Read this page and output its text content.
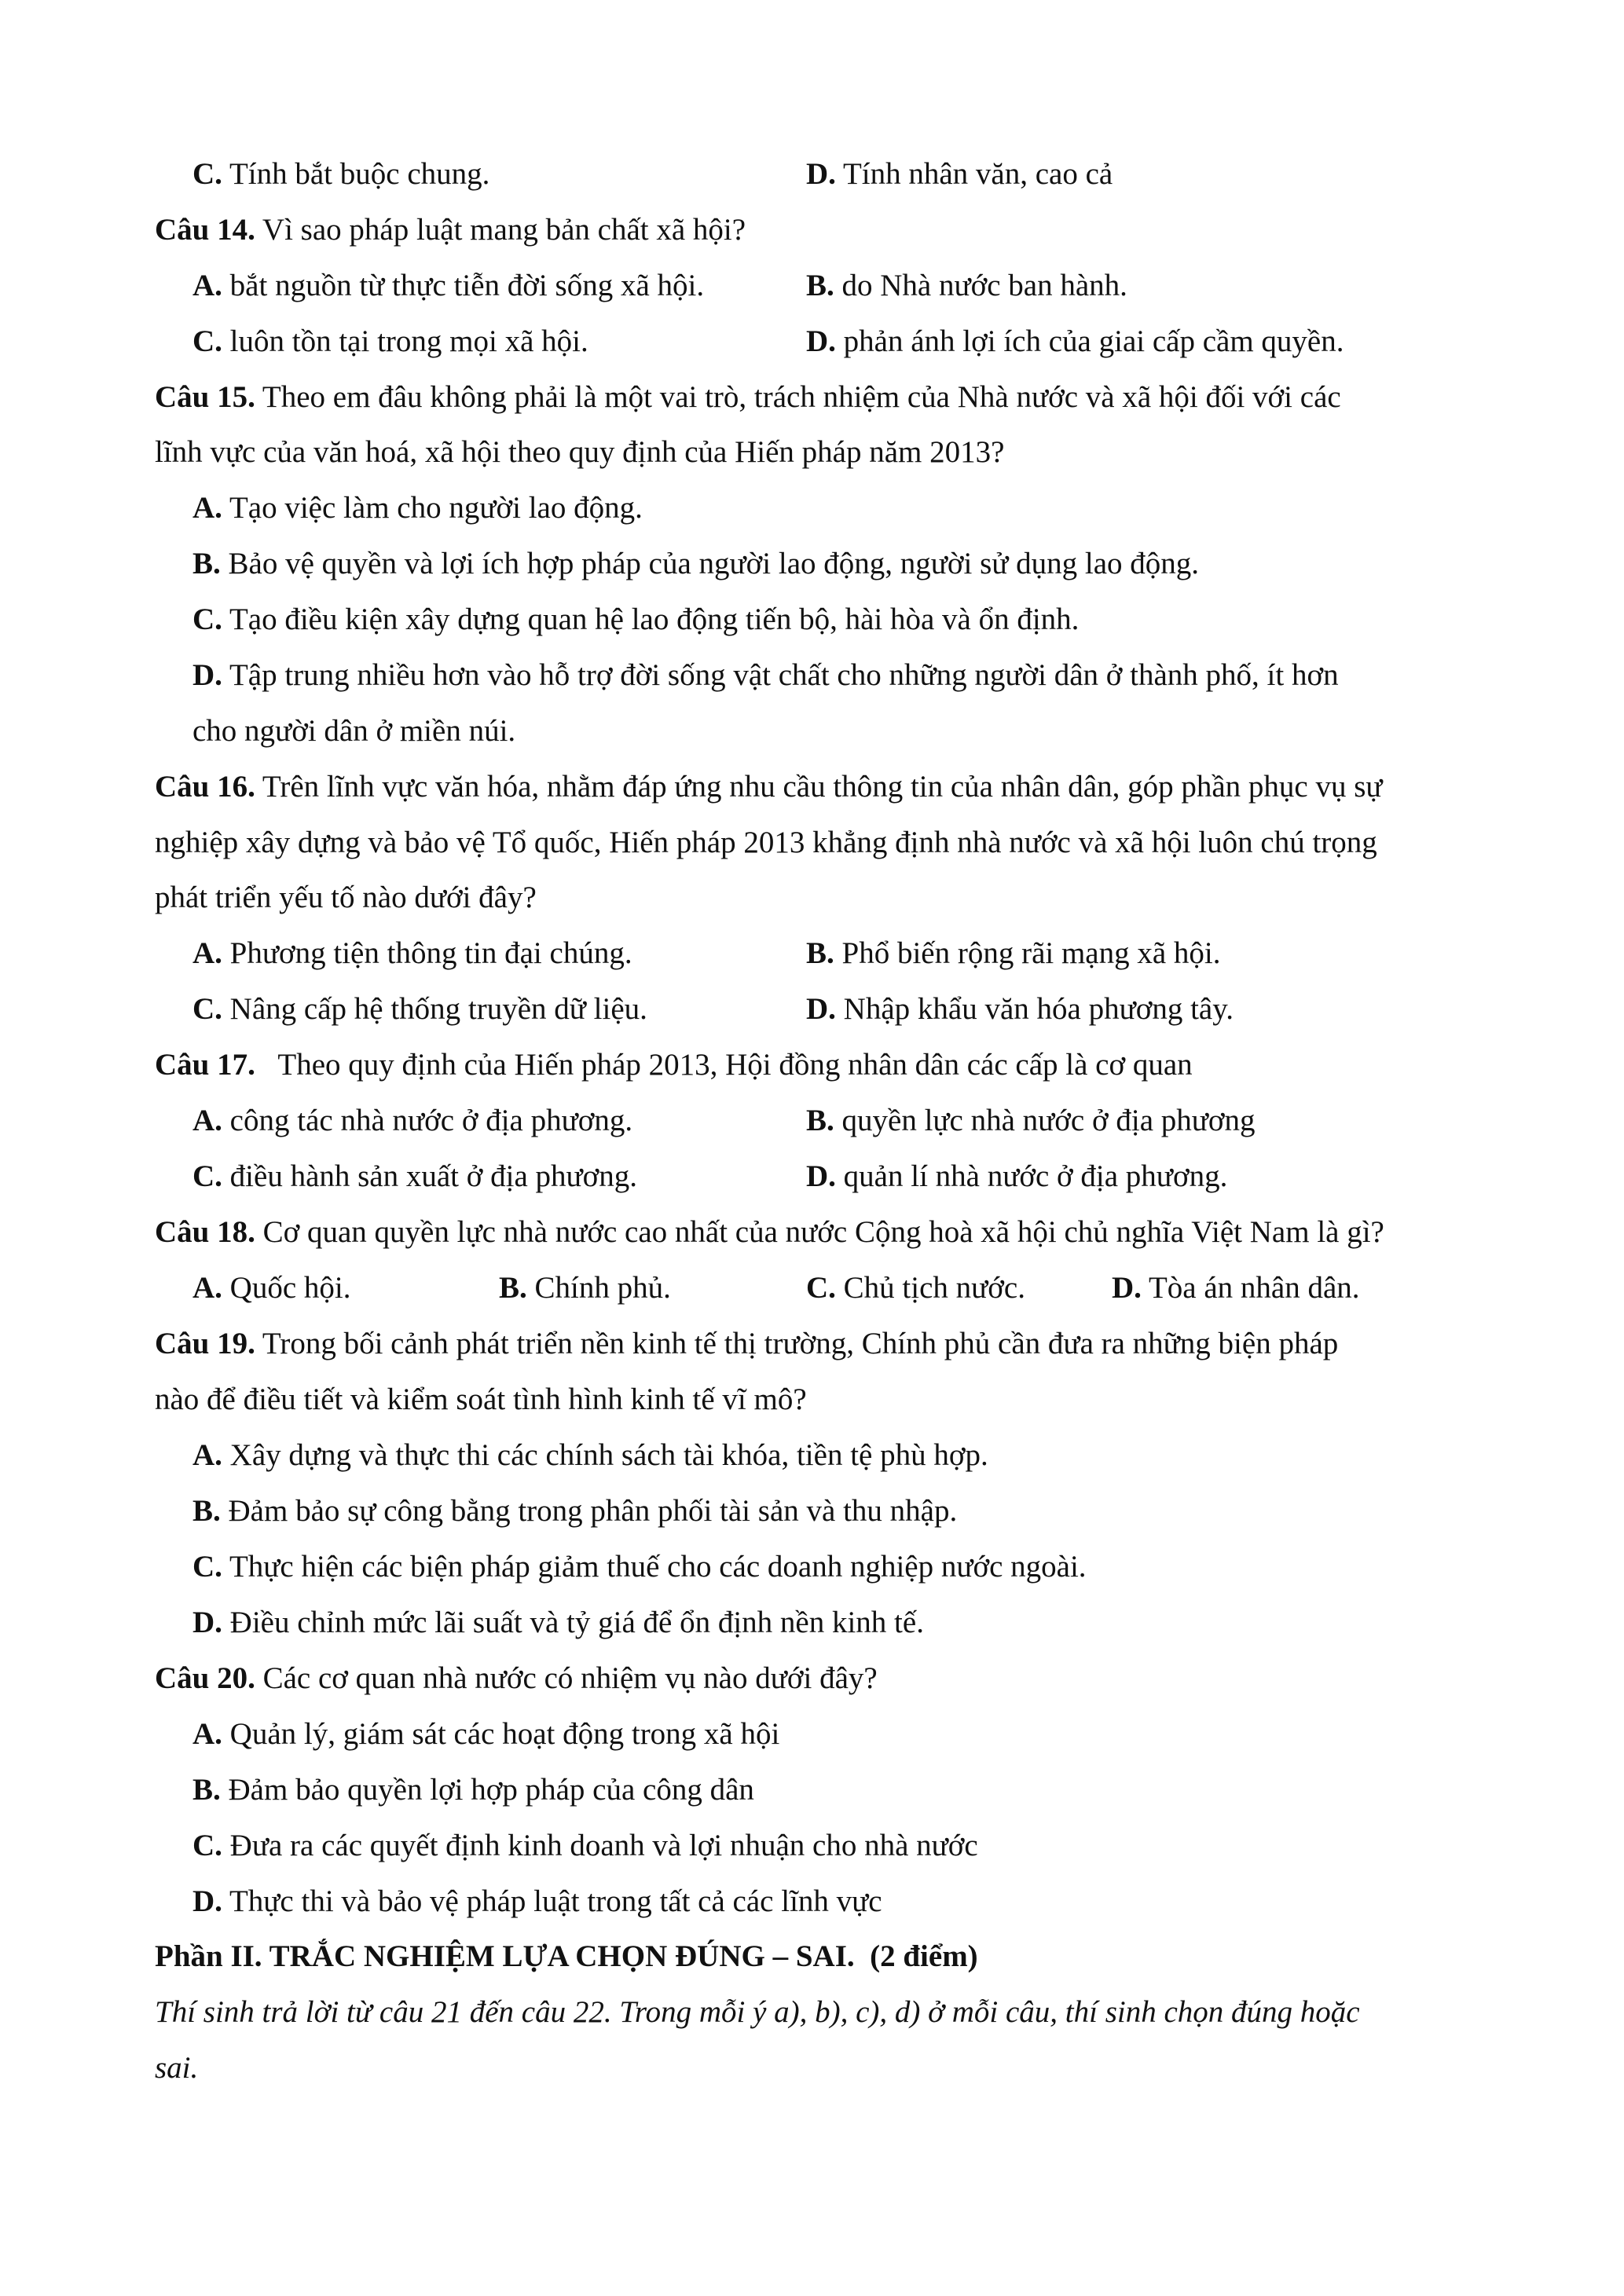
C. Tính bắt buộc chung.	D. Tính nhân văn, cao cả
Câu 14. Vì sao pháp luật mang bản chất xã hội?
A. bắt nguồn từ thực tiễn đời sống xã hội.	B. do Nhà nước ban hành.
C. luôn tồn tại trong mọi xã hội.	D. phản ánh lợi ích của giai cấp cầm quyền.
Câu 15. Theo em đâu không phải là một vai trò, trách nhiệm của Nhà nước và xã hội đối với các
lĩnh vực của văn hoá, xã hội theo quy định của Hiến pháp năm 2013?
A. Tạo việc làm cho người lao động.
B. Bảo vệ quyền và lợi ích hợp pháp của người lao động, người sử dụng lao động.
C. Tạo điều kiện xây dựng quan hệ lao động tiến bộ, hài hòa và ổn định.
D. Tập trung nhiều hơn vào hỗ trợ đời sống vật chất cho những người dân ở thành phố, ít hơn
cho người dân ở miền núi.
Câu 16. Trên lĩnh vực văn hóa, nhằm đáp ứng nhu cầu thông tin của nhân dân, góp phần phục vụ sự
nghiệp xây dựng và bảo vệ Tổ quốc, Hiến pháp 2013 khẳng định nhà nước và xã hội luôn chú trọng
phát triển yếu tố nào dưới đây?
A. Phương tiện thông tin đại chúng.	B. Phổ biến rộng rãi mạng xã hội.
C. Nâng cấp hệ thống truyền dữ liệu.	D. Nhập khẩu văn hóa phương tây.
Câu 17.   Theo quy định của Hiến pháp 2013, Hội đồng nhân dân các cấp là cơ quan
A. công tác nhà nước ở địa phương.	B. quyền lực nhà nước ở địa phương
C. điều hành sản xuất ở địa phương.	D. quản lí nhà nước ở địa phương.
Câu 18. Cơ quan quyền lực nhà nước cao nhất của nước Cộng hoà xã hội chủ nghĩa Việt Nam là gì?
A. Quốc hội.	B. Chính phủ.	C. Chủ tịch nước.	D. Tòa án nhân dân.
Câu 19. Trong bối cảnh phát triển nền kinh tế thị trường, Chính phủ cần đưa ra những biện pháp
nào để điều tiết và kiểm soát tình hình kinh tế vĩ mô?
A. Xây dựng và thực thi các chính sách tài khóa, tiền tệ phù hợp.
B. Đảm bảo sự công bằng trong phân phối tài sản và thu nhập.
C. Thực hiện các biện pháp giảm thuế cho các doanh nghiệp nước ngoài.
D. Điều chỉnh mức lãi suất và tỷ giá để ổn định nền kinh tế.
Câu 20. Các cơ quan nhà nước có nhiệm vụ nào dưới đây?
A. Quản lý, giám sát các hoạt động trong xã hội
B. Đảm bảo quyền lợi hợp pháp của công dân
C. Đưa ra các quyết định kinh doanh và lợi nhuận cho nhà nước
D. Thực thi và bảo vệ pháp luật trong tất cả các lĩnh vực
Phần II. TRẮC NGHIỆM LỰA CHỌN ĐÚNG – SAI.  (2 điểm)
Thí sinh trả lời từ câu 21 đến câu 22. Trong mỗi ý a), b), c), d) ở mỗi câu, thí sinh chọn đúng hoặc
sai.
